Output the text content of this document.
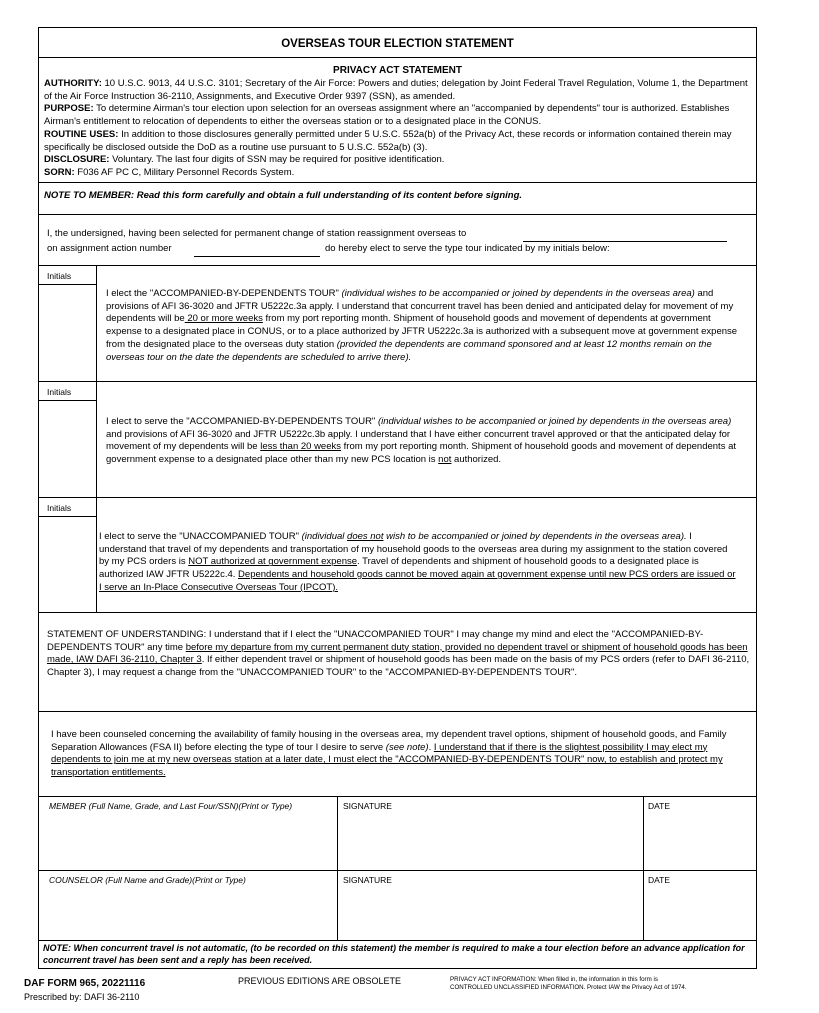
OVERSEAS TOUR ELECTION STATEMENT
PRIVACY ACT STATEMENT
AUTHORITY: 10 U.S.C. 9013, 44 U.S.C. 3101; Secretary of the Air Force: Powers and duties; delegation by Joint Federal Travel Regulation, Volume 1, the Department of the Air Force Instruction 36-2110, Assignments, and Executive Order 9397 (SSN), as amended.
PURPOSE: To determine Airman's tour election upon selection for an overseas assignment where an "accompanied by dependents" tour is authorized. Establishes Airman's entitlement to relocation of dependents to either the overseas station or to a designated place in the CONUS.
ROUTINE USES: In addition to those disclosures generally permitted under 5 U.S.C. 552a(b) of the Privacy Act, these records or information contained therein may specifically be disclosed outside the DoD as a routine use pursuant to 5 U.S.C. 552a(b) (3).
DISCLOSURE: Voluntary. The last four digits of SSN may be required for positive identification.
SORN: F036 AF PC C, Military Personnel Records System.
NOTE TO MEMBER: Read this form carefully and obtain a full understanding of its content before signing.
I, the undersigned, having been selected for permanent change of station reassignment overseas to
on assignment action number	do hereby elect to serve the type tour indicated by my initials below:
Initials
I elect the "ACCOMPANIED-BY-DEPENDENTS TOUR" (individual wishes to be accompanied or joined by dependents in the overseas area) and provisions of AFI 36-3020 and JFTR U5222c.3a apply. I understand that concurrent travel has been denied and anticipated delay for movement of my dependents will be 20 or more weeks from my port reporting month. Shipment of household goods and movement of dependents at government expense to a designated place in CONUS, or to a place authorized by JFTR U5222c.3a is authorized with a subsequent move at government expense from the designated place to the overseas duty station (provided the dependents are command sponsored and at least 12 months remain on the overseas tour on the date the dependents are scheduled to arrive there).
Initials
I elect to serve the "ACCOMPANIED-BY-DEPENDENTS TOUR" (individual wishes to be accompanied or joined by dependents in the overseas area) and provisions of AFI 36-3020 and JFTR U5222c.3b apply. I understand that I have either concurrent travel approved or that the anticipated delay for movement of my dependents will be less than 20 weeks from my port reporting month. Shipment of household goods and movement of dependents at government expense to a designated place other than my new PCS location is not authorized.
Initials
I elect to serve the "UNACCOMPANIED TOUR" (individual does not wish to be accompanied or joined by dependents in the overseas area). I understand that travel of my dependents and transportation of my household goods to the overseas area during my assignment to the station covered by my PCS orders is NOT authorized at government expense. Travel of dependents and shipment of household goods to a designated place is authorized IAW JFTR U5222c.4. Dependents and household goods cannot be moved again at government expense until new PCS orders are issued or I serve an In-Place Consecutive Overseas Tour (IPCOT).
STATEMENT OF UNDERSTANDING: I understand that if I elect the "UNACCOMPANIED TOUR" I may change my mind and elect the "ACCOMPANIED-BY-DEPENDENTS TOUR" any time before my departure from my current permanent duty station, provided no dependent travel or shipment of household goods has been made, IAW DAFI 36-2110, Chapter 3. If either dependent travel or shipment of household goods has been made on the basis of my PCS orders (refer to DAFI 36-2110, Chapter 3), I may request a change from the "UNACCOMPANIED TOUR" to the "ACCOMPANIED-BY-DEPENDENTS TOUR".
I have been counseled concerning the availability of family housing in the overseas area, my dependent travel options, shipment of household goods, and Family Separation Allowances (FSA II) before electing the type of tour I desire to serve (see note). I understand that if there is the slightest possibility I may elect my dependents to join me at my new overseas station at a later date, I must elect the "ACCOMPANIED-BY-DEPENDENTS TOUR" now, to establish and protect my transportation entitlements.
MEMBER (Full Name, Grade, and Last Four/SSN)(Print or Type)	SIGNATURE	DATE
COUNSELOR (Full Name and Grade)(Print or Type)	SIGNATURE	DATE
NOTE: When concurrent travel is not automatic, (to be recorded on this statement) the member is required to make a tour election before an advance application for concurrent travel has been sent and a reply has been received.
DAF FORM 965, 20221116
Prescribed by: DAFI 36-2110
PREVIOUS EDITIONS ARE OBSOLETE	PRIVACY ACT INFORMATION: When filled in, the information in this form is
CONTROLLED UNCLASSIFIED INFORMATION. Protect IAW the Privacy Act of 1974.
